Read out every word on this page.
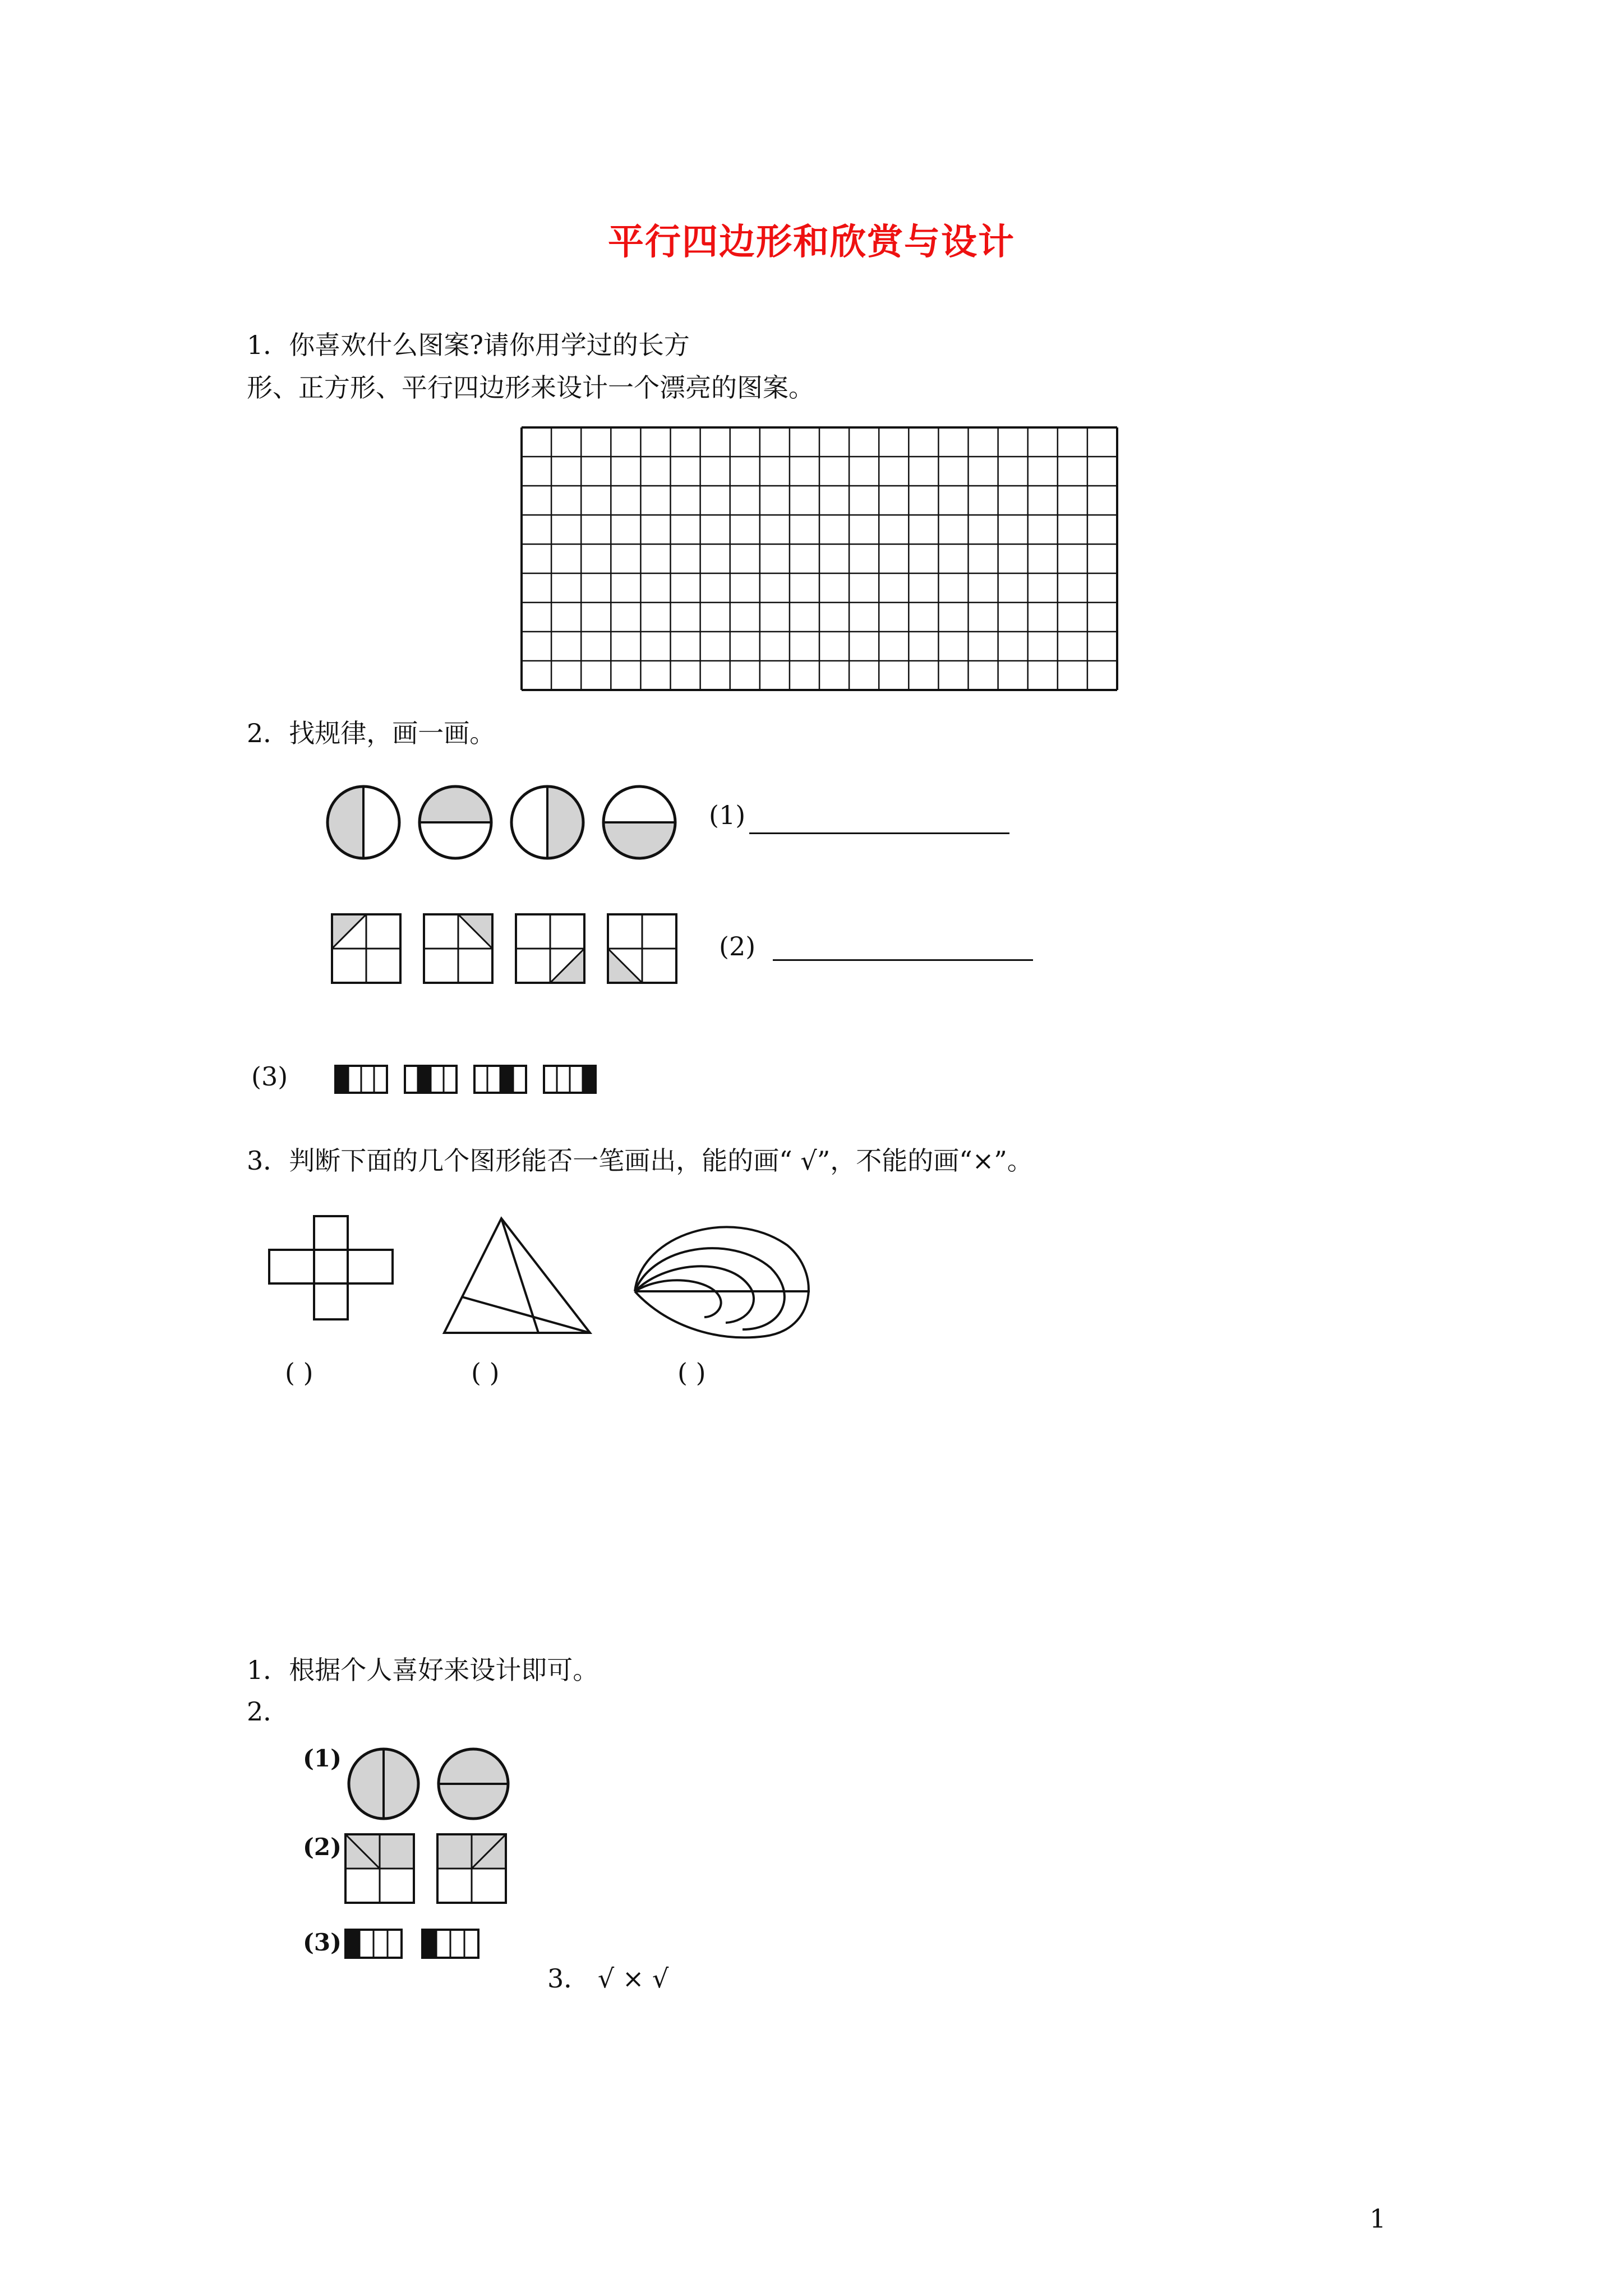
平行四边形和欣赏与设计
1．你喜欢什么图案?请你用学过的长方
形、正方形、平行四边形来设计一个漂亮的图案。
2．找规律，画一画。
(1)
(2)
(3)
3．判断下面的几个图形能否一笔画出，能的画“ √”，不能的画“×”。
( )	( )	( )
1．根据个人喜好来设计即可。
2．
(1)
(2)
(3)
3． √ × √
1
